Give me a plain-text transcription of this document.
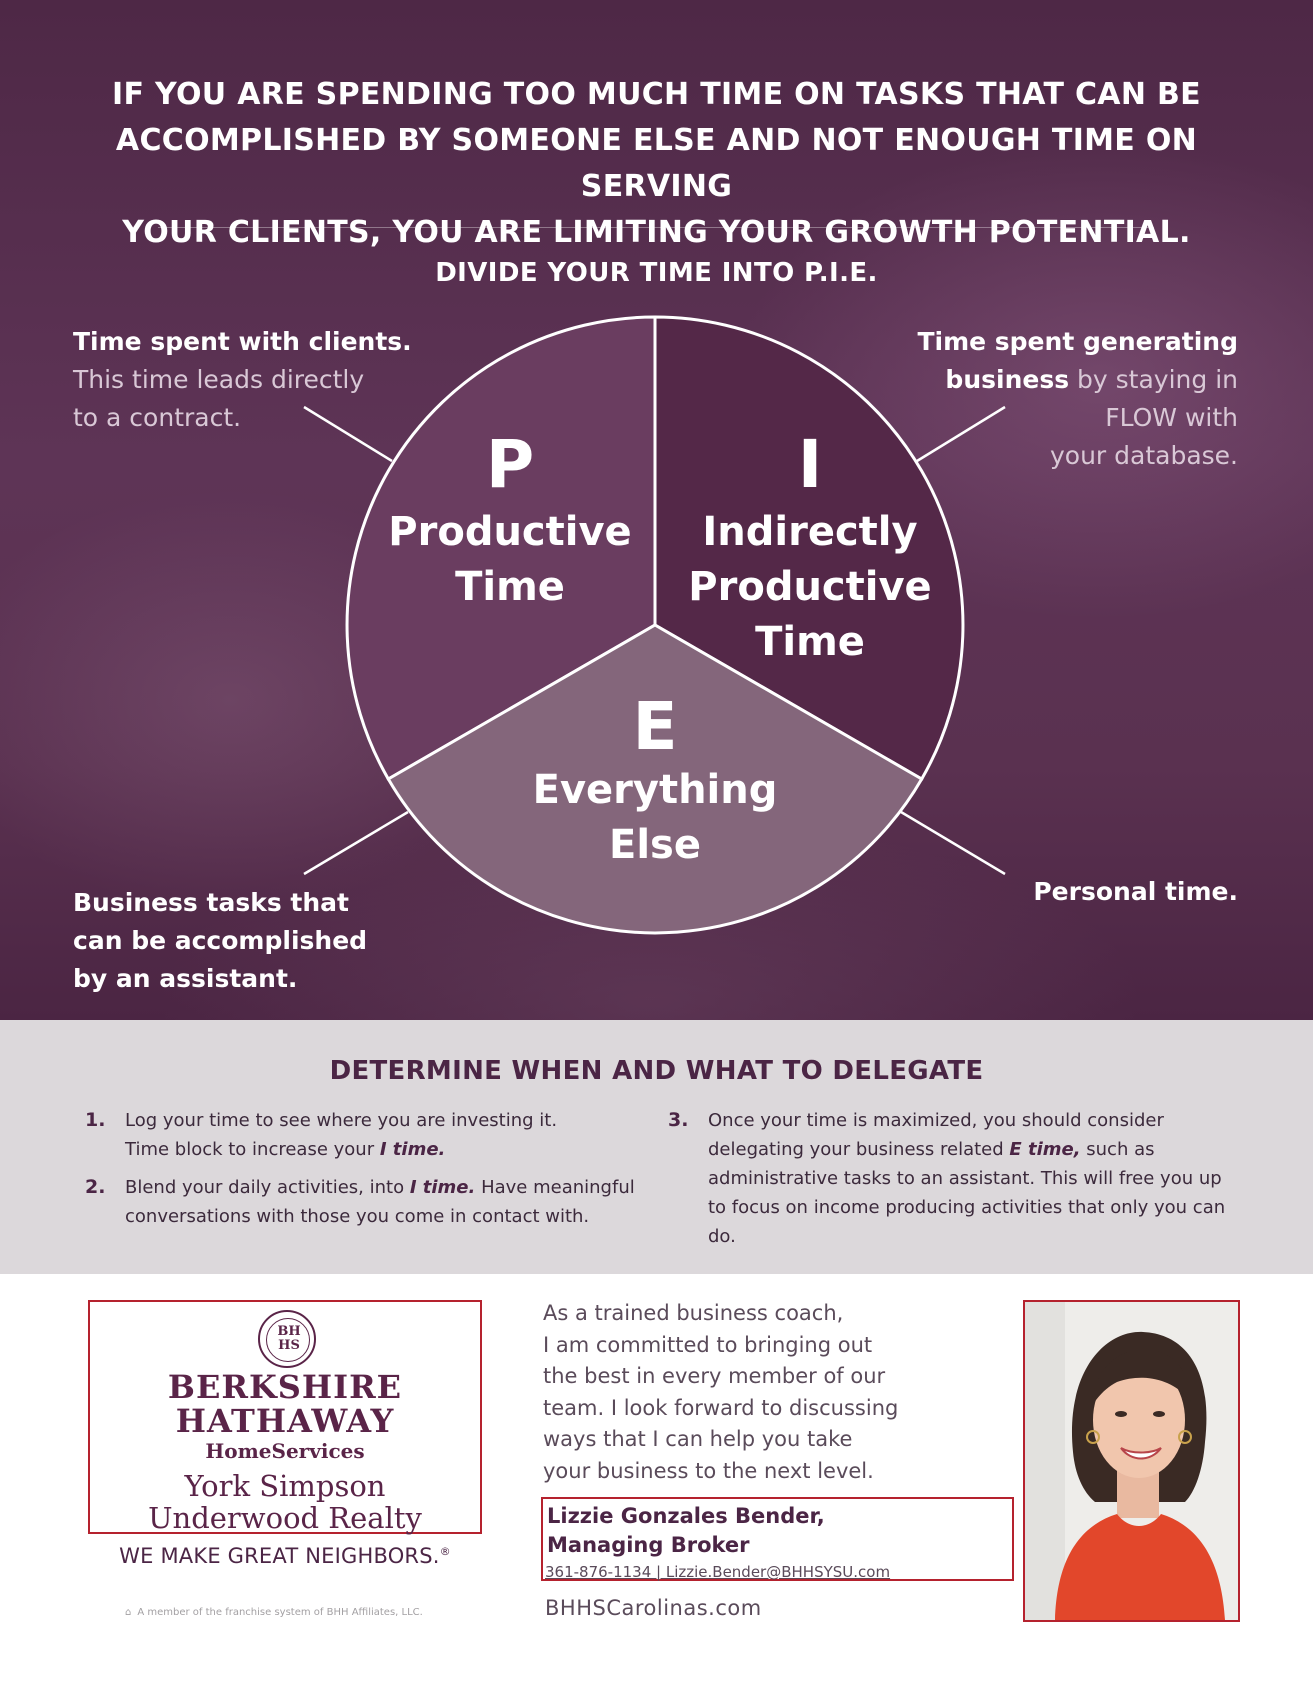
IF YOU ARE SPENDING TOO MUCH TIME ON TASKS THAT CAN BE
ACCOMPLISHED BY SOMEONE ELSE AND NOT ENOUGH TIME ON SERVING
YOUR CLIENTS, YOU ARE LIMITING YOUR GROWTH POTENTIAL.
DIVIDE YOUR TIME INTO P.I.E.
P
Productive
Time
I
Indirectly
Productive
Time
E
Everything
Else
Time spent with clients.
This time leads directly
to a contract.
Time spent generating
business by staying in
FLOW with
your database.
Business tasks that
can be accomplished
by an assistant.
Personal time.
DETERMINE WHEN AND WHAT TO DELEGATE
1. Log your time to see where you are investing it.
Time block to increase your I time.
2. Blend your daily activities, into I time. Have meaningful conversations with those you come in contact with.
3. Once your time is maximized, you should consider delegating your business related E time, such as administrative tasks to an assistant. This will free you up to focus on income producing activities that only you can do.
BH
HS
BERKSHIRE
HATHAWAY
HomeServices
York Simpson
Underwood Realty
WE MAKE GREAT NEIGHBORS.®
⌂ A member of the franchise system of BHH Affiliates, LLC.
As a trained business coach,
I am committed to bringing out
the best in every member of our
team. I look forward to discussing
ways that I can help you take
your business to the next level.
Lizzie Gonzales Bender,
Managing Broker
361-876-1134 | Lizzie.Bender@BHHSYSU.com
BHHSCarolinas.com
